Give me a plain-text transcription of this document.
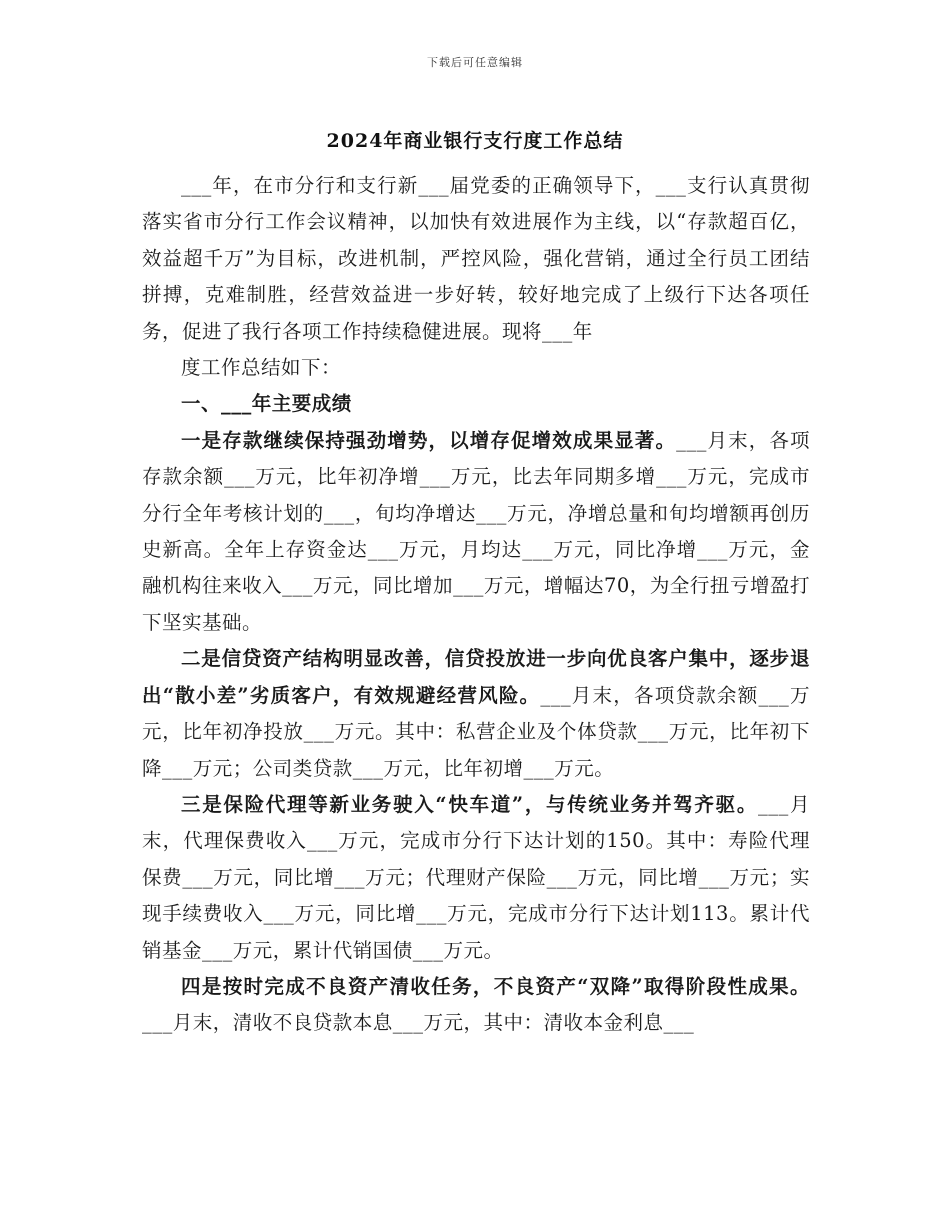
下载后可任意编辑
2024年商业银行支行度工作总结

___年，在市分行和支行新___届党委的正确领导下，___支行认真贯彻落实省市分行工作会议精神，以加快有效进展作为主线，以“存款超百亿，效益超千万”为目标，改进机制，严控风险，强化营销，通过全行员工团结拼搏，克难制胜，经营效益进一步好转，较好地完成了上级行下达各项任务，促进了我行各项工作持续稳健进展。现将___年

度工作总结如下：

一、___年主要成绩

一是存款继续保持强劲增势，以增存促增效成果显著。___月末，各项存款余额___万元，比年初净增___万元，比去年同期多增___万元，完成市分行全年考核计划的___，旬均净增达___万元，净增总量和旬均增额再创历史新高。全年上存资金达___万元，月均达___万元，同比净增___万元，金融机构往来收入___万元，同比增加___万元，增幅达70，为全行扭亏增盈打下坚实基础。

二是信贷资产结构明显改善，信贷投放进一步向优良客户集中，逐步退出“散小差”劣质客户，有效规避经营风险。___月末，各项贷款余额___万元，比年初净投放___万元。其中：私营企业及个体贷款___万元，比年初下降___万元；公司类贷款___万元，比年初增___万元。

三是保险代理等新业务驶入“快车道”，与传统业务并驾齐驱。___月末，代理保费收入___万元，完成市分行下达计划的150。其中：寿险代理保费___万元，同比增___万元；代理财产保险___万元，同比增___万元；实现手续费收入___万元，同比增___万元，完成市分行下达计划113。累计代销基金___万元，累计代销国债___万元。

四是按时完成不良资产清收任务，不良资产“双降”取得阶段性成果。___月末，清收不良贷款本息___万元，其中：清收本金利息___
